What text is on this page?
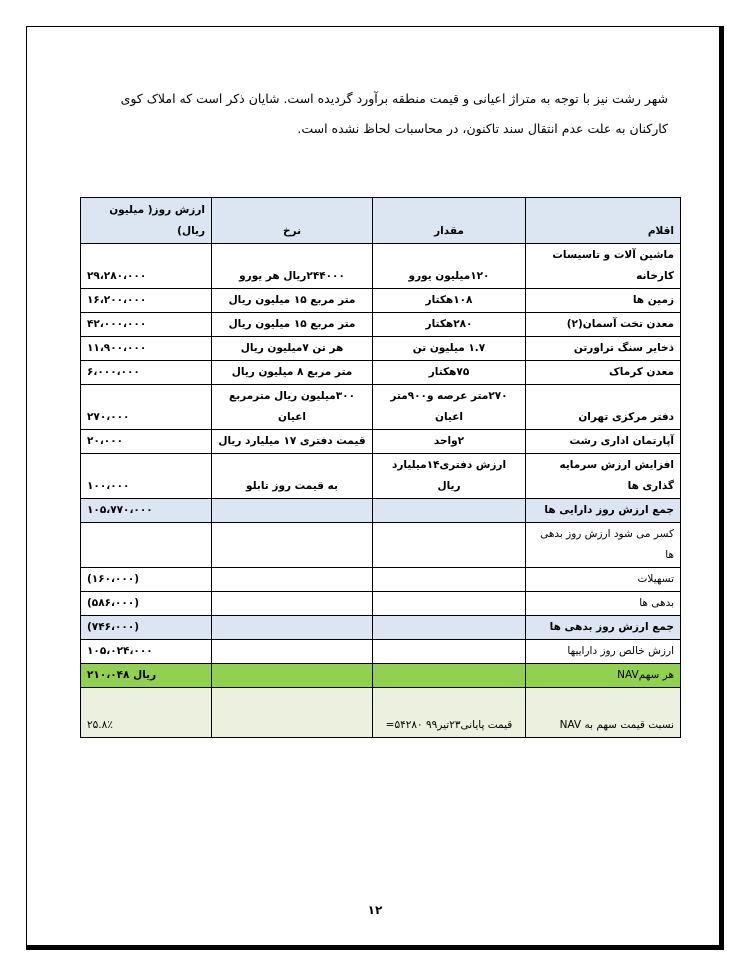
شهر رشت نیز با توجه به متراژ اعیانی و قیمت منطقه برآورد گردیده است. شایان ذکر است که املاک کوی

کارکنان به علت عدم انتقال سند تاکنون، در محاسبات لحاظ نشده است.

اقلام	مقدار	نرخ	ارزش روز( میلیون ریال)
ماشین آلات و تاسیسات کارخانه	۱۲۰میلیون یورو	۲۴۴۰۰۰ریال هر یورو	۲۹،۲۸۰،۰۰۰
زمین ها	۱۰۸هکتار	متر مربع ۱۵ میلیون ریال	۱۶،۲۰۰،۰۰۰
معدن تخت آسمان(۲)	۲۸۰هکتار	متر مربع ۱۵ میلیون ریال	۴۲،۰۰۰،۰۰۰
ذخایر سنگ تراورتن	۱.۷ میلیون تن	هر تن ۷میلیون ریال	۱۱،۹۰۰،۰۰۰
معدن کرماک	۷۵هکتار	متر مربع ۸ میلیون ریال	۶،۰۰۰،۰۰۰
دفتر مرکزی تهران	۲۷۰متر عرصه و۹۰۰متر اعیان	۳۰۰میلیون ریال مترمربع اعیان	۲۷۰،۰۰۰
آپارتمان اداری رشت	۲واحد	قیمت دفتری ۱۷ میلیارد ریال	۲۰،۰۰۰
افزایش ارزش سرمایه گذاری ها	ارزش دفتری۱۴میلیارد ریال	به قیمت روز تابلو	۱۰۰،۰۰۰
جمع ارزش روز دارایی ها			۱۰۵،۷۷۰،۰۰۰
کسر می شود ارزش روز بدهی ها			
تسهیلات			(۱۶۰،۰۰۰)
بدهی ها			(۵۸۶،۰۰۰)
جمع ارزش روز بدهی ها			(۷۴۶،۰۰۰)
ارزش خالص روز داراییها			۱۰۵،۰۲۴،۰۰۰
هر سهمNAV			۲۱۰،۰۴۸ ریال
نسبت قیمت سهم به NAV	قیمت پایانی۲۳تیر۹۹ ۵۴۲۸۰=		۲۵.۸٪
۱۲
